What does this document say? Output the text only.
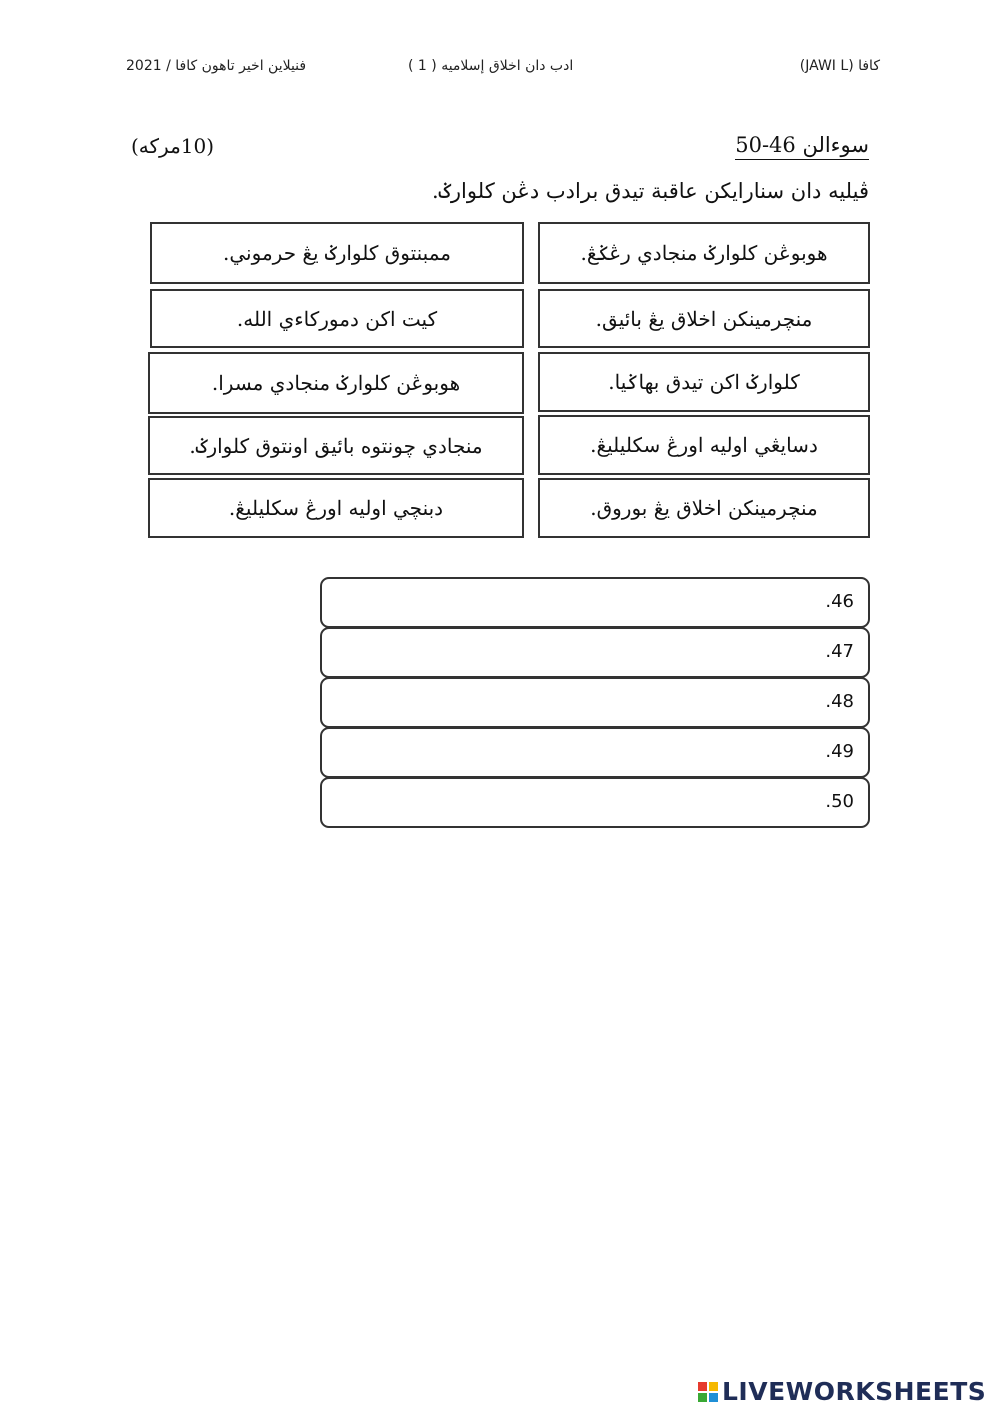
2021 / فنيلاين اخير تاهون كافا	ادب دان اخلاق إسلاميه ( 1 )	كافا (JAWI L)
سوءالن 46-50
(10مركه)
ڤيليه دان سنارايكن عاقبة تيدق برادب دڠن كلوارݢ.
هوبوڠن كلوارݢ منجادي رڠݢڠ.
منچرمينكن اخلاق يڠ بائيق.
كلوارݢ اكن تيدق بهاݢيا.
دسايڠي اوليه اورڠ سكليليڠ.
منچرمينكن اخلاق يڠ بوروق.
ممبنتوق كلوارݢ يڠ حرموني.
كيت اكن دموركاءي الله.
هوبوڠن كلوارݢ منجادي مسرا.
منجادي چونتوه بائيق اونتوق كلوارݢ.
دبنچي اوليه اورڠ سكليليڠ.
.46
.47
.48
.49
.50
LIVEWORKSHEETS
